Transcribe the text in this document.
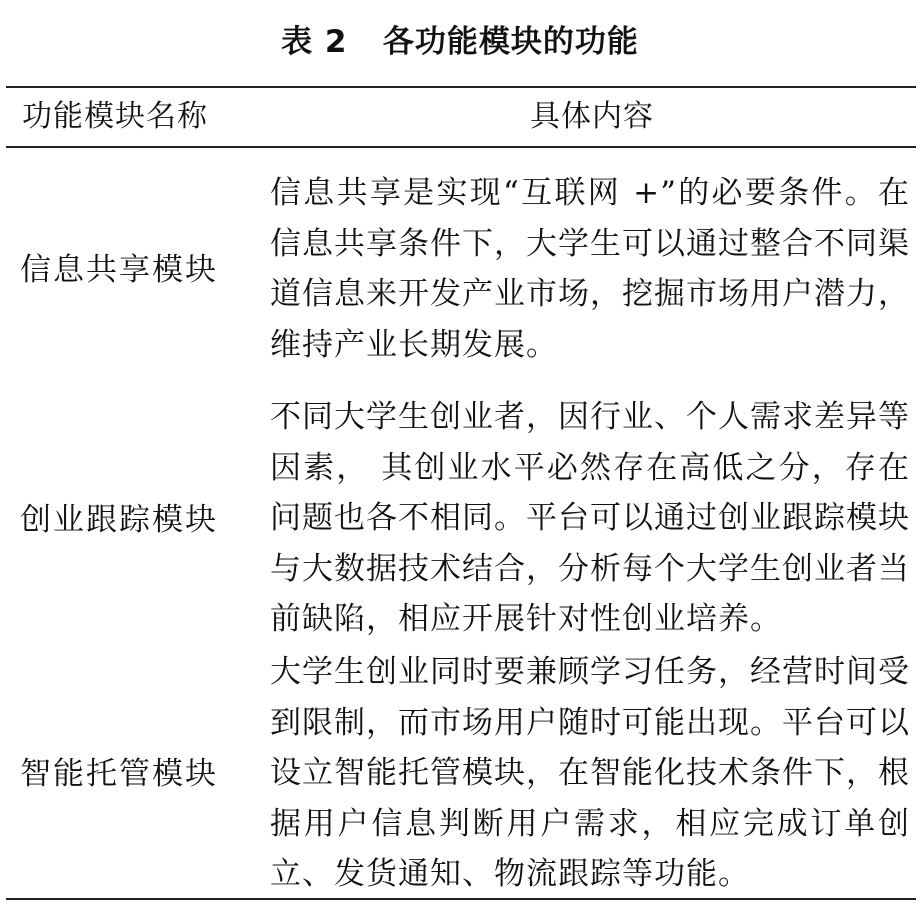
表 2   各功能模块的功能
功能模块名称	具体内容
信息共享模块
信息共享是实现“互联网 +”的必要条件。在信息共享条件下，大学生可以通过整合不同渠道信息来开发产业市场，挖掘市场用户潜力，维持产业长期发展。
创业跟踪模块
不同大学生创业者，因行业、个人需求差异等因素， 其创业水平必然存在高低之分，存在问题也各不相同。平台可以通过创业跟踪模块与大数据技术结合，分析每个大学生创业者当前缺陷，相应开展针对性创业培养。
智能托管模块
大学生创业同时要兼顾学习任务，经营时间受到限制，而市场用户随时可能出现。平台可以设立智能托管模块，在智能化技术条件下，根据用户信息判断用户需求，相应完成订单创立、发货通知、物流跟踪等功能。
